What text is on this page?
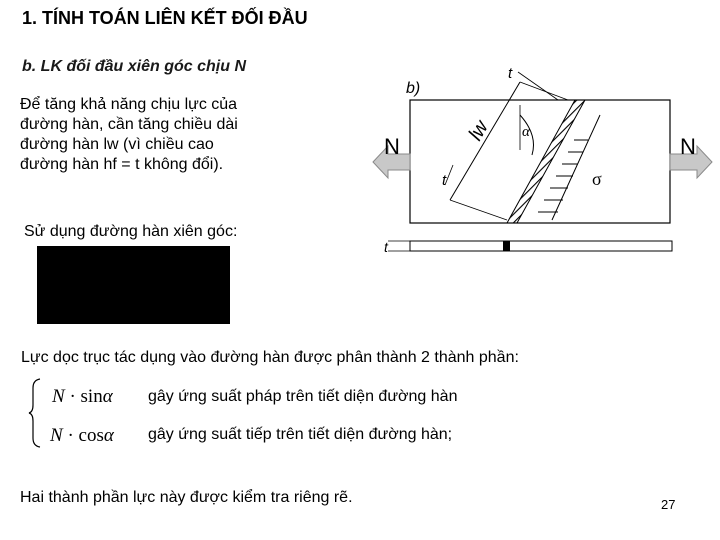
1. TÍNH TOÁN LIÊN KẾT ĐỐI ĐẦU
b. LK đối đầu xiên góc chịu N

Để tăng khả năng chịu lực của
đường hàn, cần tăng chiều dài
đường hàn lw (vì chiều cao
đường hàn hf = t không đổi).

Sử dụng đường hàn xiên góc:
Lực dọc trục tác dụng vào đường hàn được phân thành 2 thành phần:
N · sinα gây ứng suất pháp trên tiết diện đường hàn
N · cosα gây ứng suất tiếp trên tiết diện đường hàn;
Hai thành phần lực này được kiểm tra riêng rẽ.	27
b)
lw
t
t
α
σ
N	N
t
